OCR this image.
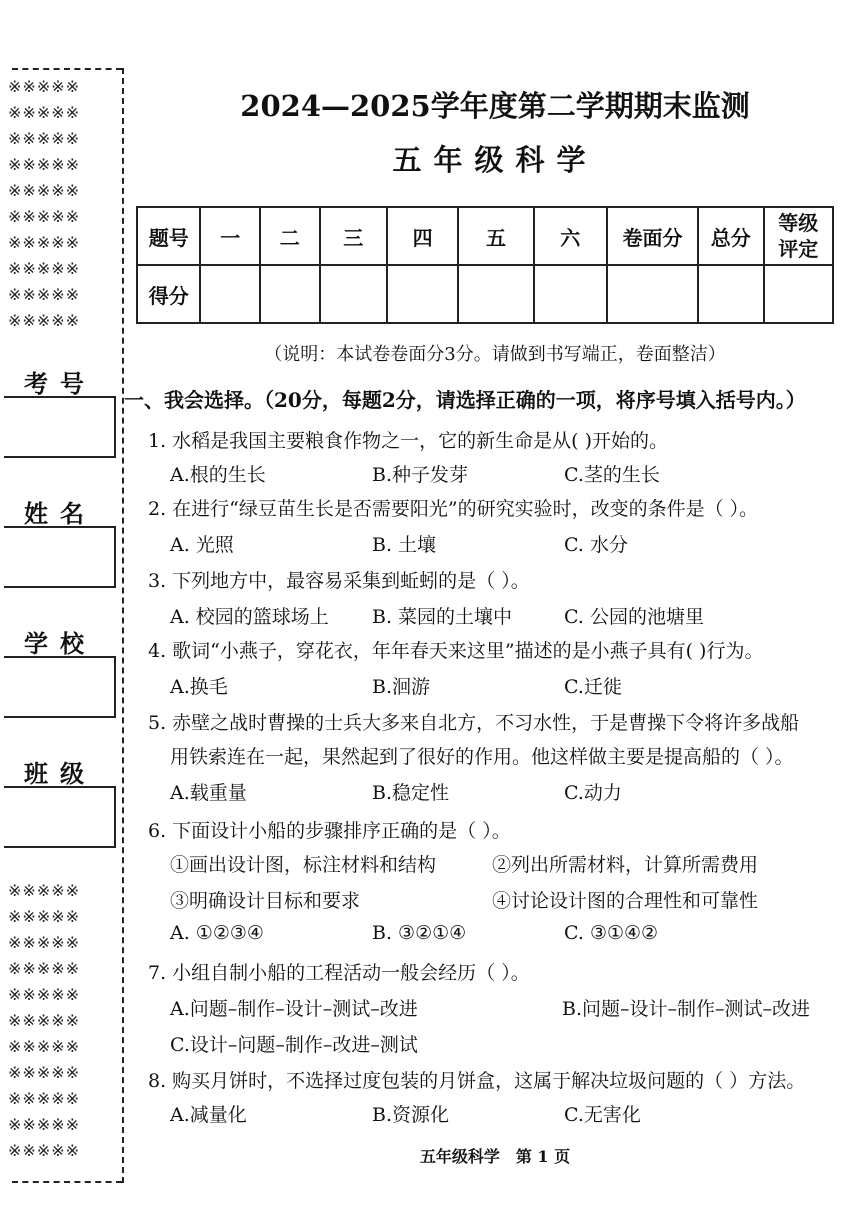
※※※※※
※※※※※
※※※※※
※※※※※
※※※※※
※※※※※
※※※※※
※※※※※
※※※※※
※※※※※
考号
姓名
学校
班级
※※※※※
※※※※※
※※※※※
※※※※※
※※※※※
※※※※※
※※※※※
※※※※※
※※※※※
※※※※※
※※※※※
2024—2025学年度第二学期期末监测
五年级科学
题号	一	二	三	四	五	六	卷面分	总分	等级
评定
得分									
（说明：本试卷卷面分3分。请做到书写端正，卷面整洁）
一、我会选择。（20分，每题2分，请选择正确的一项，将序号填入括号内。）
1. 水稻是我国主要粮食作物之一，它的新生命是从( )开始的。
A.根的生长	B.种子发芽	C.茎的生长
2. 在进行“绿豆苗生长是否需要阳光”的研究实验时，改变的条件是（ ）。
A. 光照	B. 土壤	C. 水分
3. 下列地方中，最容易采集到蚯蚓的是（ ）。
A. 校园的篮球场上 B. 菜园的土壤中	C. 公园的池塘里
4. 歌词“小燕子，穿花衣，年年春天来这里”描述的是小燕子具有( )行为。
A.换毛	B.洄游	C.迁徙
5. 赤壁之战时曹操的士兵大多来自北方，不习水性，于是曹操下令将许多战船
用铁索连在一起，果然起到了很好的作用。他这样做主要是提高船的（ ）。
A.载重量	B.稳定性	C.动力
6. 下面设计小船的步骤排序正确的是（ ）。
①画出设计图，标注材料和结构	②列出所需材料，计算所需费用
③明确设计目标和要求	④讨论设计图的合理性和可靠性
A. ①②③④	B. ③②①④	C. ③①④②
7. 小组自制小船的工程活动一般会经历（ ）。
A.问题–制作–设计–测试–改进	B.问题–设计–制作–测试–改进
C.设计–问题–制作–改进–测试
8. 购买月饼时，不选择过度包装的月饼盒，这属于解决垃圾问题的（ ）方法。
A.减量化	B.资源化	C.无害化
五年级科学　第 1 页
